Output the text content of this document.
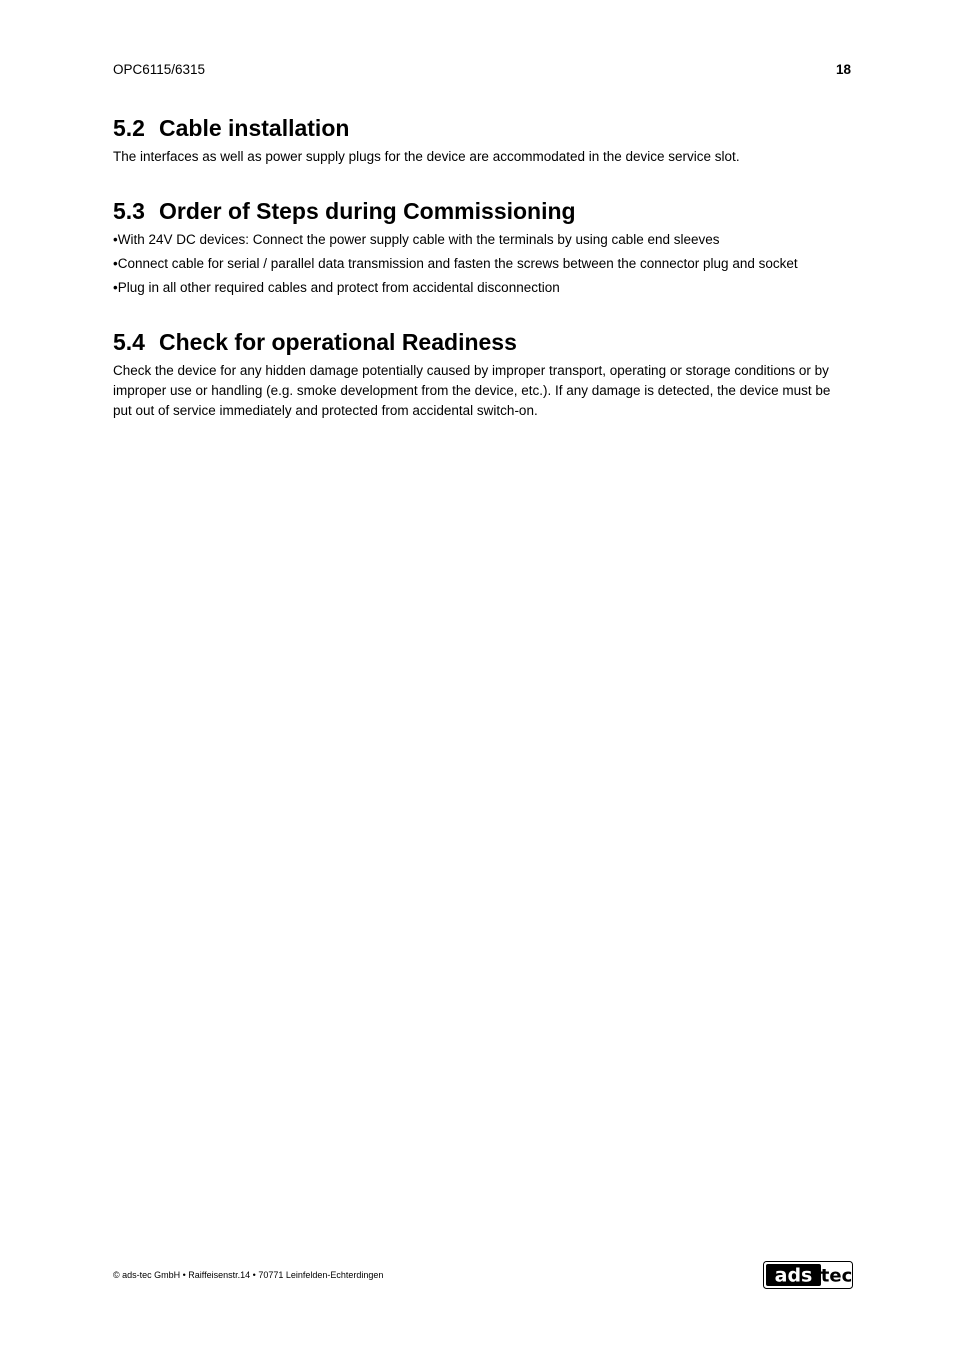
OPC6115/6315	18
5.2 Cable installation

The interfaces as well as power supply plugs for the device are accommodated in the device service slot.

5.3 Order of Steps during Commissioning
•With 24V DC devices: Connect the power supply cable with the terminals by using cable end sleeves
•Connect cable for serial / parallel data transmission and fasten the screws between the connector plug and socket
•Plug in all other required cables and protect from accidental disconnection
5.4 Check for operational Readiness

Check the device for any hidden damage potentially caused by improper transport, operating or storage conditions or by improper use or handling (e.g. smoke development from the device, etc.). If any damage is detected, the device must be put out of service immediately and protected from accidental switch-on.

© ads-tec GmbH • Raiffeisenstr.14 • 70771 Leinfelden-Echterdingen	ads tec
